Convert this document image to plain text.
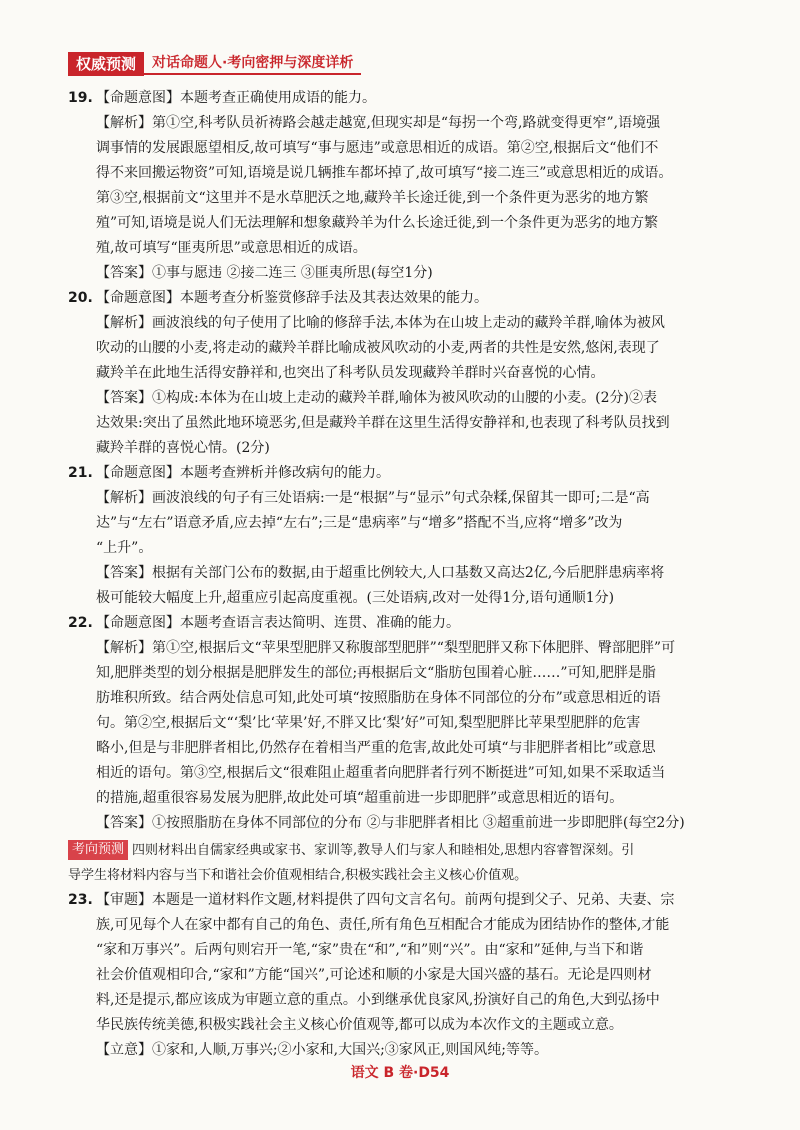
权威预测	对话命题人·考向密押与深度详析
19. 【命题意图】本题考查正确使用成语的能力。

【解析】第①空,科考队员祈祷路会越走越宽,但现实却是“每拐一个弯,路就变得更窄”,语境强

调事情的发展跟愿望相反,故可填写“事与愿违”或意思相近的成语。第②空,根据后文“他们不

得不来回搬运物资”可知,语境是说几辆推车都坏掉了,故可填写“接二连三”或意思相近的成语。

第③空,根据前文“这里并不是水草肥沃之地,藏羚羊长途迁徙,到一个条件更为恶劣的地方繁

殖”可知,语境是说人们无法理解和想象藏羚羊为什么长途迁徙,到一个条件更为恶劣的地方繁

殖,故可填写“匪夷所思”或意思相近的成语。

【答案】①事与愿违 ②接二连三 ③匪夷所思(每空1分)

20. 【命题意图】本题考查分析鉴赏修辞手法及其表达效果的能力。

【解析】画波浪线的句子使用了比喻的修辞手法,本体为在山坡上走动的藏羚羊群,喻体为被风

吹动的山腰的小麦,将走动的藏羚羊群比喻成被风吹动的小麦,两者的共性是安然,悠闲,表现了

藏羚羊在此地生活得安静祥和,也突出了科考队员发现藏羚羊群时兴奋喜悦的心情。

【答案】①构成:本体为在山坡上走动的藏羚羊群,喻体为被风吹动的山腰的小麦。(2分)②表

达效果:突出了虽然此地环境恶劣,但是藏羚羊群在这里生活得安静祥和,也表现了科考队员找到

藏羚羊群的喜悦心情。(2分)

21. 【命题意图】本题考查辨析并修改病句的能力。

【解析】画波浪线的句子有三处语病:一是“根据”与“显示”句式杂糅,保留其一即可;二是“高

达”与“左右”语意矛盾,应去掉“左右”;三是“患病率”与“增多”搭配不当,应将“增多”改为

“上升”。

【答案】根据有关部门公布的数据,由于超重比例较大,人口基数又高达2亿,今后肥胖患病率将

极可能较大幅度上升,超重应引起高度重视。(三处语病,改对一处得1分,语句通顺1分)

22. 【命题意图】本题考查语言表达简明、连贯、准确的能力。

【解析】第①空,根据后文“苹果型肥胖又称腹部型肥胖”“梨型肥胖又称下体肥胖、臀部肥胖”可

知,肥胖类型的划分根据是肥胖发生的部位;再根据后文“脂肪包围着心脏……”可知,肥胖是脂

肪堆积所致。结合两处信息可知,此处可填“按照脂肪在身体不同部位的分布”或意思相近的语

句。第②空,根据后文“‘梨’比‘苹果’好,不胖又比‘梨’好”可知,梨型肥胖比苹果型肥胖的危害

略小,但是与非肥胖者相比,仍然存在着相当严重的危害,故此处可填“与非肥胖者相比”或意思

相近的语句。第③空,根据后文“很难阻止超重者向肥胖者行列不断挺进”可知,如果不采取适当

的措施,超重很容易发展为肥胖,故此处可填“超重前进一步即肥胖”或意思相近的语句。

【答案】①按照脂肪在身体不同部位的分布 ②与非肥胖者相比 ③超重前进一步即肥胖(每空2分)

考向预测 四则材料出自儒家经典或家书、家训等,教导人们与家人和睦相处,思想内容睿智深刻。引

导学生将材料内容与当下和谐社会价值观相结合,积极实践社会主义核心价值观。

23. 【审题】本题是一道材料作文题,材料提供了四句文言名句。前两句提到父子、兄弟、夫妻、宗

族,可见每个人在家中都有自己的角色、责任,所有角色互相配合才能成为团结协作的整体,才能

“家和万事兴”。后两句则宕开一笔,“家”贵在“和”,“和”则“兴”。由“家和”延伸,与当下和谐

社会价值观相印合,“家和”方能“国兴”,可论述和顺的小家是大国兴盛的基石。无论是四则材

料,还是提示,都应该成为审题立意的重点。小到继承优良家风,扮演好自己的角色,大到弘扬中

华民族传统美德,积极实践社会主义核心价值观等,都可以成为本次作文的主题或立意。

【立意】①家和,人顺,万事兴;②小家和,大国兴;③家风正,则国风纯;等等。

语文 B 卷·D54
